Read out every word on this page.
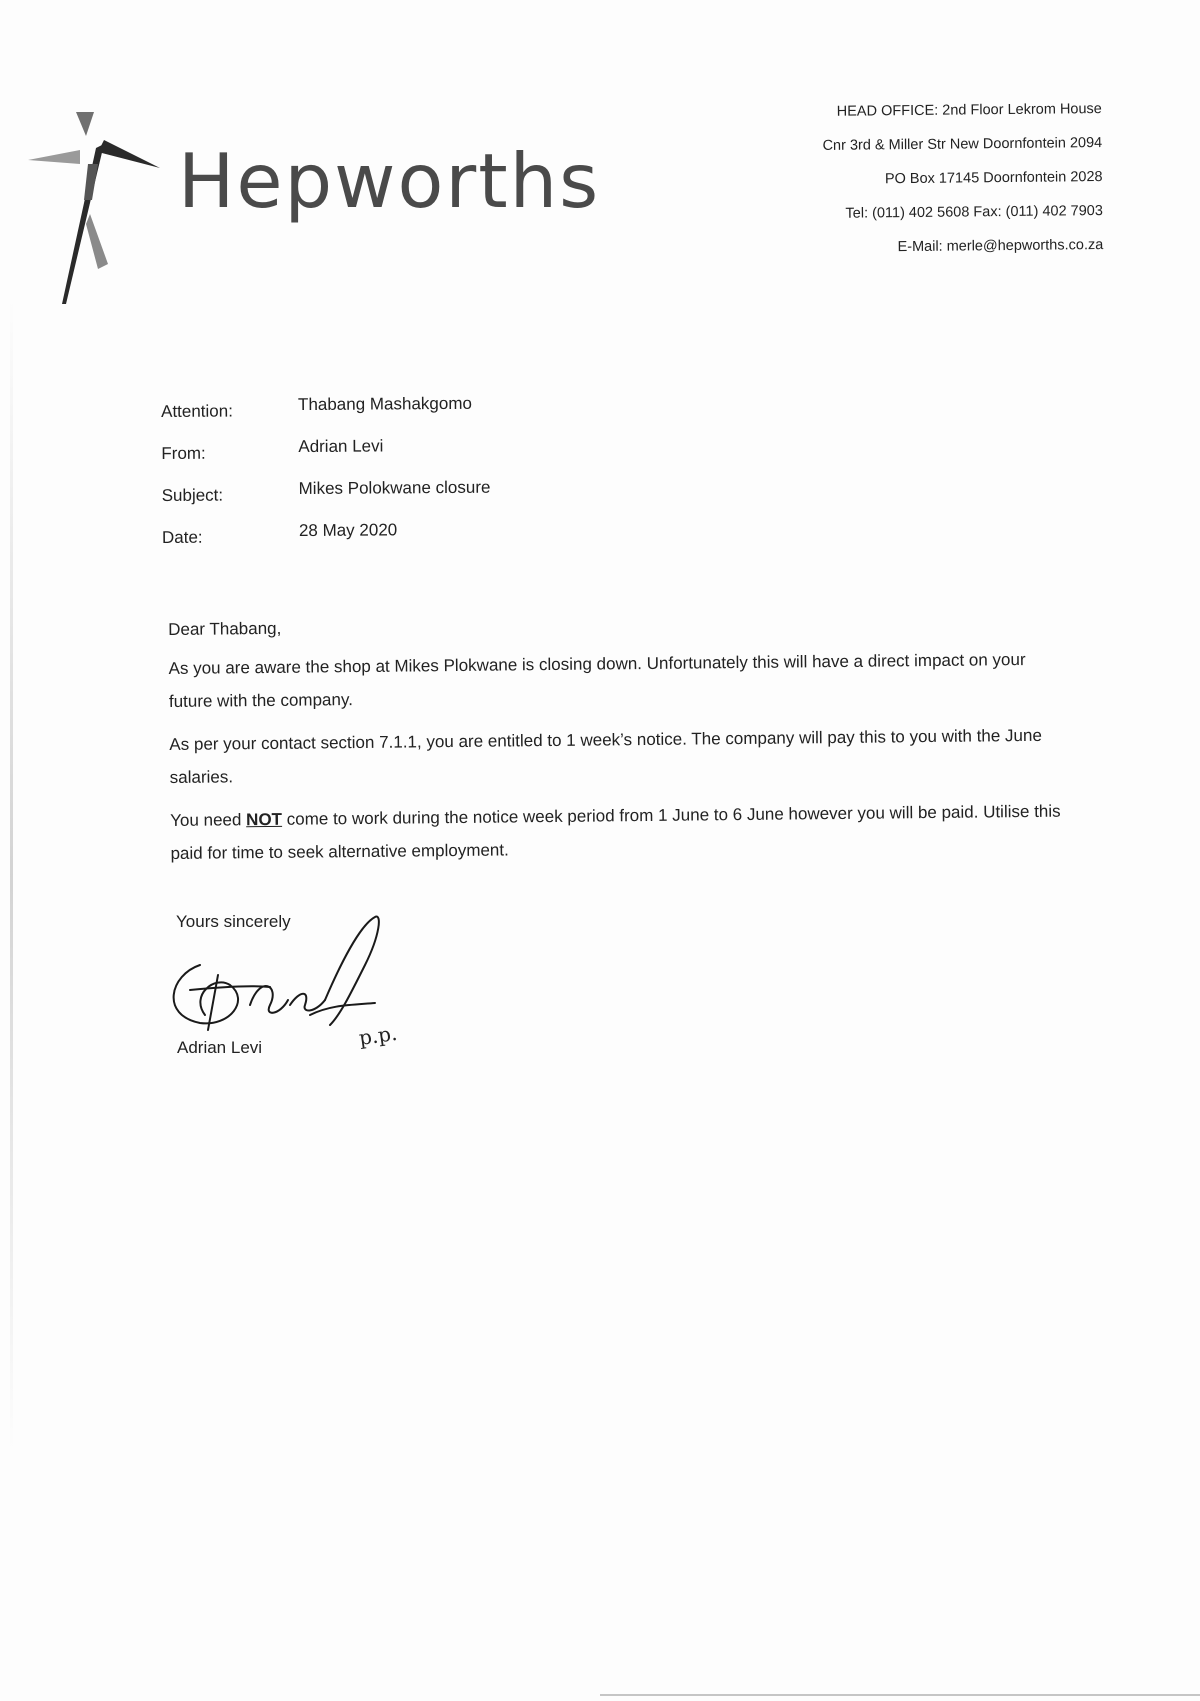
Hepworths
HEAD OFFICE: 2nd Floor Lekrom House
Cnr 3rd & Miller Str New Doornfontein 2094
PO Box 17145 Doornfontein 2028
Tel: (011) 402 5608 Fax: (011) 402 7903
E-Mail: merle@hepworths.co.za
Attention:	Thabang Mashakgomo
From:	Adrian Levi
Subject:	Mikes Polokwane closure
Date:	28 May 2020

Dear Thabang,

As you are aware the shop at Mikes Plokwane is closing down. Unfortunately this will have a direct impact on your future with the company.

As per your contact section 7.1.1, you are entitled to 1 week’s notice. The company will pay this to you with the June salaries.

You need NOT come to work during the notice week period from 1 June to 6 June however you will be paid. Utilise this paid for time to seek alternative employment.

Yours sincerely
p.p.
Adrian Levi
